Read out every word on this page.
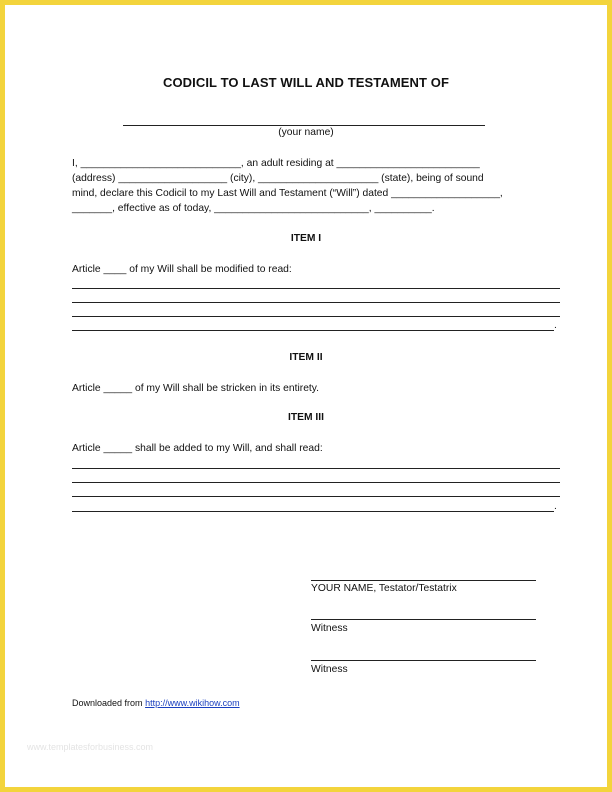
CODICIL TO LAST WILL AND TESTAMENT OF
(your name)
I, ____________________________, an adult residing at _________________________
(address) ___________________ (city), _____________________ (state), being of sound
mind, declare this Codicil to my Last Will and Testament (“Will”) dated ___________________,
_______, effective as of today, ___________________________, __________.
ITEM I
Article ____ of my Will shall be modified to read:
.
ITEM II
Article _____ of my Will shall be stricken in its entirety.
ITEM III
Article _____ shall be added to my Will, and shall read:
.
YOUR NAME, Testator/Testatrix
Witness
Witness
Downloaded from http://www.wikihow.com
www.templatesforbusiness.com
